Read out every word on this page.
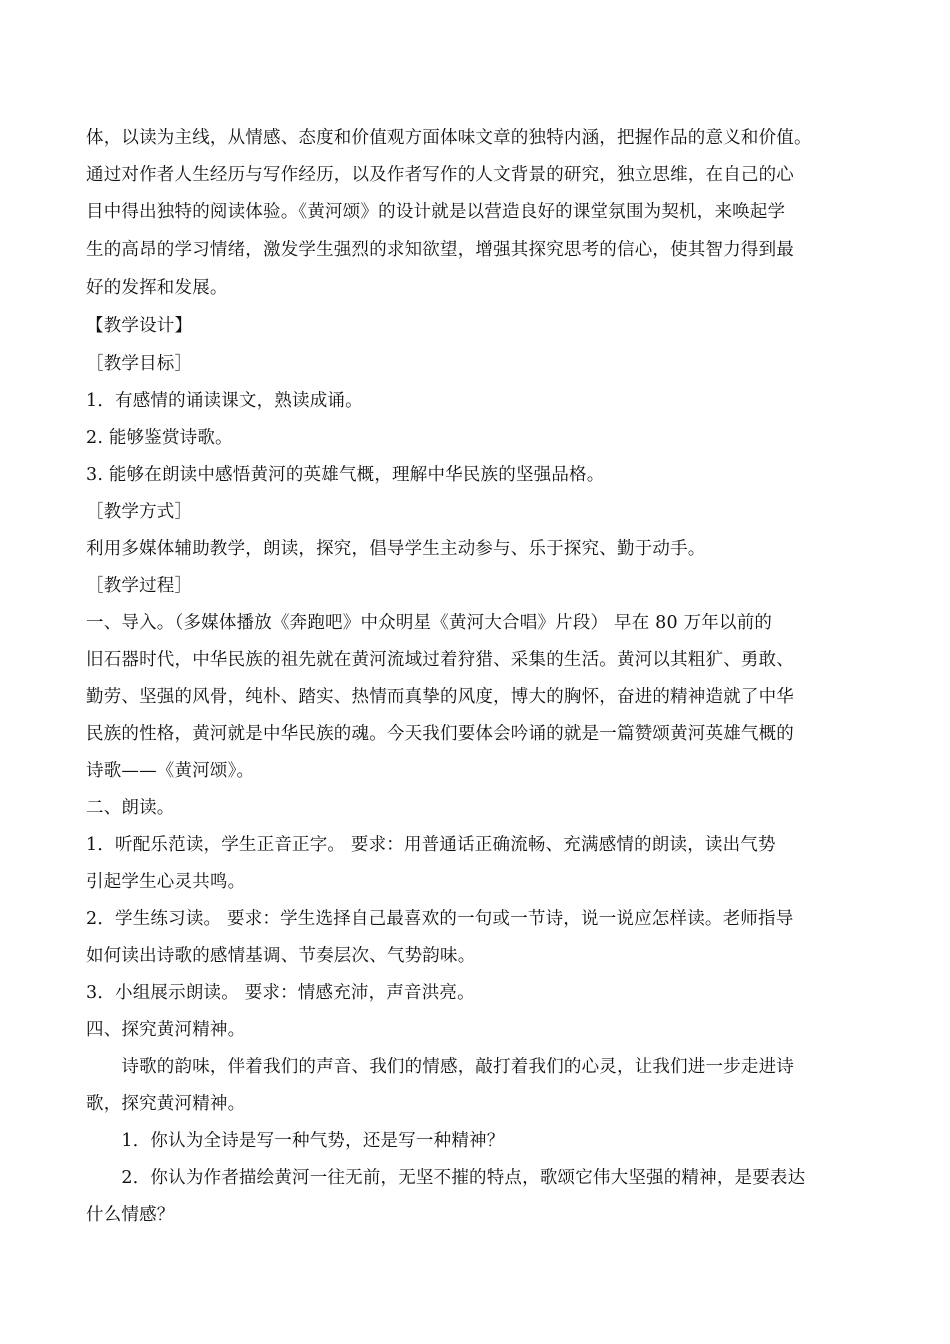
体，以读为主线，从情感、态度和价值观方面体味文章的独特内涵，把握作品的意义和价值。
通过对作者人生经历与写作经历，以及作者写作的人文背景的研究，独立思维，在自己的心
目中得出独特的阅读体验。《黄河颂》的设计就是以营造良好的课堂氛围为契机，来唤起学
生的高昂的学习情绪，激发学生强烈的求知欲望，增强其探究思考的信心，使其智力得到最
好的发挥和发展。
【教学设计】
［教学目标］
1．有感情的诵读课文，熟读成诵。
2. 能够鉴赏诗歌。
3. 能够在朗读中感悟黄河的英雄气概，理解中华民族的坚强品格。
［教学方式］
利用多媒体辅助教学，朗读，探究，倡导学生主动参与、乐于探究、勤于动手。
［教学过程］
一、导入。（多媒体播放《奔跑吧》中众明星《黄河大合唱》片段） 早在 80 万年以前的
旧石器时代，中华民族的祖先就在黄河流域过着狩猎、采集的生活。黄河以其粗犷、勇敢、
勤劳、坚强的风骨，纯朴、踏实、热情而真挚的风度，博大的胸怀，奋进的精神造就了中华
民族的性格，黄河就是中华民族的魂。今天我们要体会吟诵的就是一篇赞颂黄河英雄气概的
诗歌——《黄河颂》。
二、朗读。
1．听配乐范读，学生正音正字。 要求：用普通话正确流畅、充满感情的朗读，读出气势
引起学生心灵共鸣。
2．学生练习读。 要求：学生选择自己最喜欢的一句或一节诗，说一说应怎样读。老师指导
如何读出诗歌的感情基调、节奏层次、气势韵味。
3．小组展示朗读。 要求：情感充沛，声音洪亮。
四、探究黄河精神。
　　诗歌的韵味，伴着我们的声音、我们的情感，敲打着我们的心灵，让我们进一步走进诗
歌，探究黄河精神。
　　1．你认为全诗是写一种气势，还是写一种精神？
　　2．你认为作者描绘黄河一往无前，无坚不摧的特点，歌颂它伟大坚强的精神，是要表达
什么情感？
